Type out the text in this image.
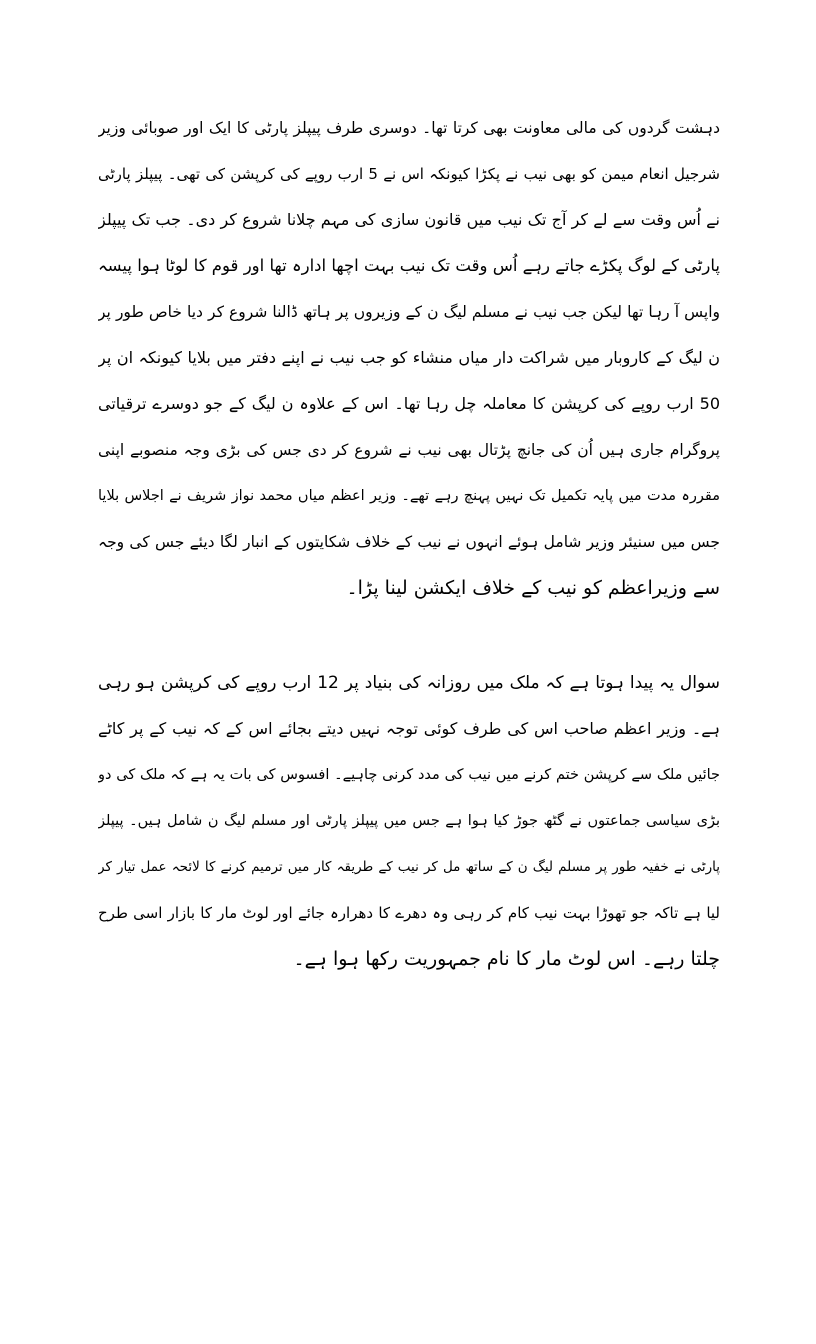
دہشت گردوں کی مالی معاونت بھی کرتا تھا۔ دوسری طرف پیپلز پارٹی کا ایک اور صوبائی وزیر
شرجیل انعام میمن کو بھی نیب نے پکڑا کیونکہ اس نے 5 ارب روپے کی کرپشن کی تھی۔ پیپلز پارٹی
نے اُس وقت سے لے کر آج تک نیب میں قانون سازی کی مہم چلانا شروع کر دی۔ جب تک پیپلز
پارٹی کے لوگ پکڑے جاتے رہے اُس وقت تک نیب بہت اچھا ادارہ تھا اور قوم کا لوٹا ہوا پیسہ
واپس آ رہا تھا لیکن جب نیب نے مسلم لیگ ن کے وزیروں پر ہاتھ ڈالنا شروع کر دیا خاص طور پر
ن لیگ کے کاروبار میں شراکت دار میاں منشاء کو جب نیب نے اپنے دفتر میں بلایا کیونکہ ان پر
50 ارب روپے کی کرپشن کا معاملہ چل رہا تھا۔ اس کے علاوہ ن لیگ کے جو دوسرے ترقیاتی
پروگرام جاری ہیں اُن کی جانچ پڑتال بھی نیب نے شروع کر دی جس کی بڑی وجہ منصوبے اپنی
مقررہ مدت میں پایہ تکمیل تک نہیں پہنچ رہے تھے۔ وزیر اعظم میاں محمد نواز شریف نے اجلاس بلایا
جس میں سنیئر وزیر شامل ہوئے انہوں نے نیب کے خلاف شکایتوں کے انبار لگا دیئے جس کی وجہ
سے وزیراعظم کو نیب کے خلاف ایکشن لینا پڑا۔
سوال یہ پیدا ہوتا ہے کہ ملک میں روزانہ کی بنیاد پر 12 ارب روپے کی کرپشن ہو رہی
ہے۔ وزیر اعظم صاحب اس کی طرف کوئی توجہ نہیں دیتے بجائے اس کے کہ نیب کے پر کاٹے
جائیں ملک سے کرپشن ختم کرنے میں نیب کی مدد کرنی چاہیے۔ افسوس کی بات یہ ہے کہ ملک کی دو
بڑی سیاسی جماعتوں نے گٹھ جوڑ کیا ہوا ہے جس میں پیپلز پارٹی اور مسلم لیگ ن شامل ہیں۔ پیپلز
پارٹی نے خفیہ طور پر مسلم لیگ ن کے ساتھ مل کر نیب کے طریقہ کار میں ترمیم کرنے کا لائحہ عمل تیار کر
لیا ہے تاکہ جو تھوڑا بہت نیب کام کر رہی وہ دھرے کا دھرارہ جائے اور لوٹ مار کا بازار اسی طرح
چلتا رہے۔ اس لوٹ مار کا نام جمہوریت رکھا ہوا ہے۔
